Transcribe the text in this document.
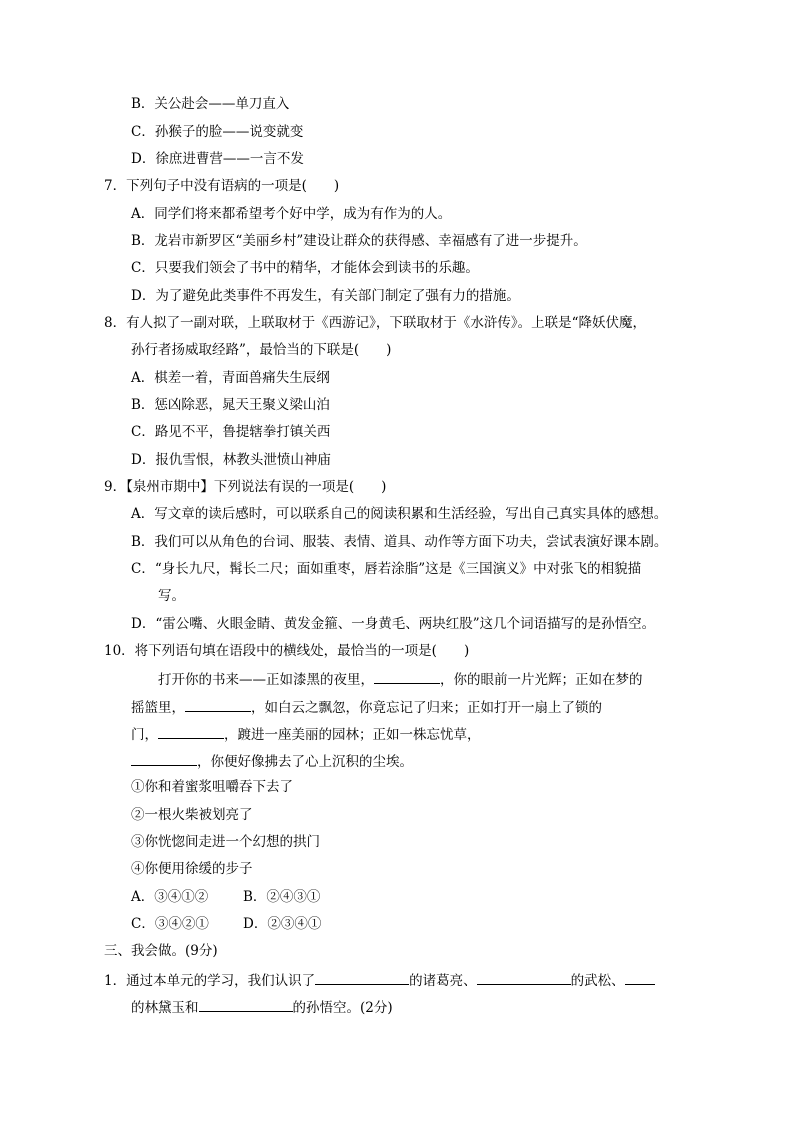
B．关公赴会——单刀直入
C．孙猴子的脸——说变就变
D．徐庶进曹营——一言不发
7．下列句子中没有语病的一项是(　　)
A．同学们将来都希望考个好中学，成为有作为的人。
B．龙岩市新罗区“美丽乡村”建设让群众的获得感、幸福感有了进一步提升。
C．只要我们领会了书中的精华，才能体会到读书的乐趣。
D．为了避免此类事件不再发生，有关部门制定了强有力的措施。
8．有人拟了一副对联，上联取材于《西游记》，下联取材于《水浒传》。上联是“降妖伏魔，
孙行者扬威取经路”，最恰当的下联是(　　)
A．棋差一着，青面兽痛失生辰纲
B．惩凶除恶，晁天王聚义梁山泊
C．路见不平，鲁提辖拳打镇关西
D．报仇雪恨，林教头泄愤山神庙
9．【泉州市期中】下列说法有误的一项是(　　)
A．写文章的读后感时，可以联系自己的阅读积累和生活经验，写出自己真实具体的感想。
B．我们可以从角色的台词、服装、表情、道具、动作等方面下功夫，尝试表演好课本剧。
C．“身长九尺，髯长二尺；面如重枣，唇若涂脂”这是《三国演义》中对张飞的相貌描
写。
D．“雷公嘴、火眼金睛、黄发金箍、一身黄毛、两块红股”这几个词语描写的是孙悟空。
10．将下列语句填在语段中的横线处，最恰当的一项是(　　)
打开你的书来——正如漆黑的夜里，	，你的眼前一片光辉；正如在梦的
摇篮里，	，如白云之飘忽，你竟忘记了归来；正如打开一扇上了锁的
门，	，踱进一座美丽的园林；正如一株忘忧草，
，你便好像拂去了心上沉积的尘埃。
①你和着蜜浆咀嚼吞下去了
②一根火柴被划亮了
③你恍惚间走进一个幻想的拱门
④你便用徐缓的步子
A．③④①②	B．②④③①
C．③④②①	D．②③④①
三、我会做。(9分)
1．通过本单元的学习，我们认识了	的诸葛亮、	的武松、
的林黛玉和	的孙悟空。(2分)
